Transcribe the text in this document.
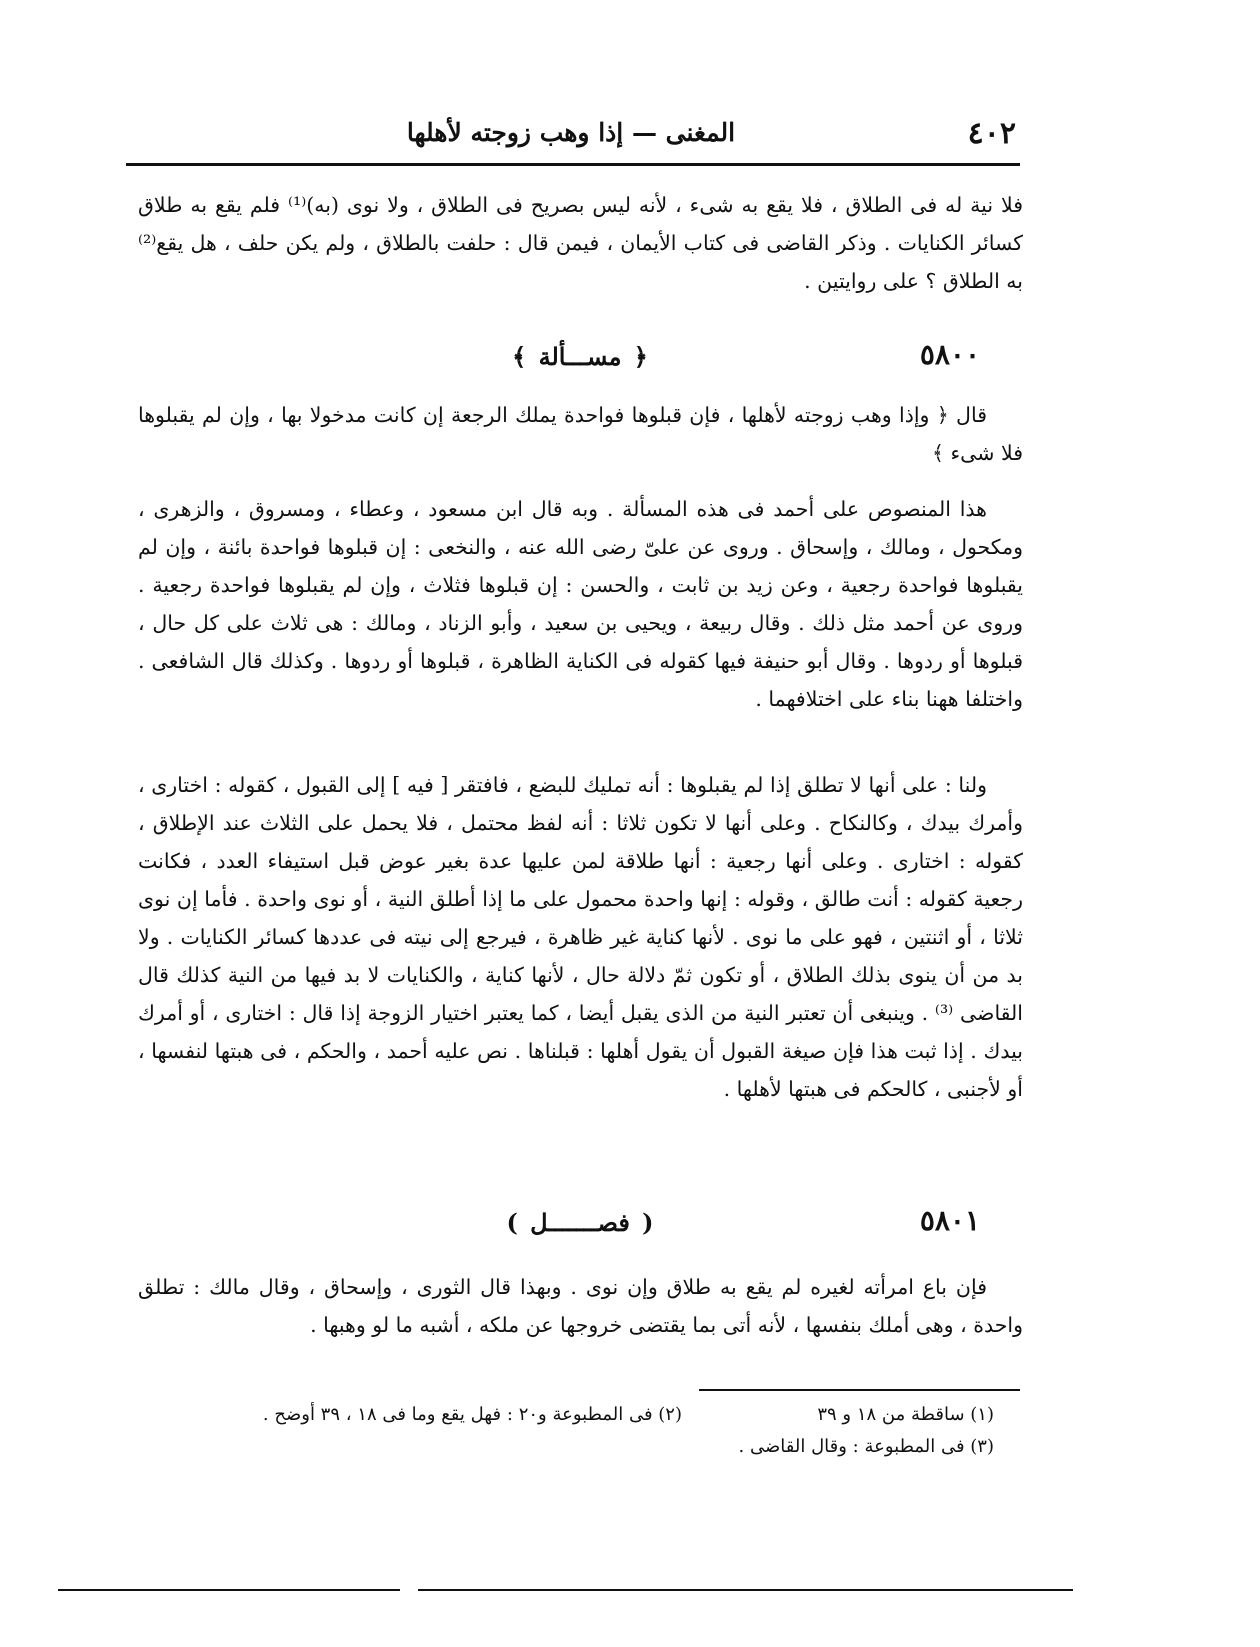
٤٠٢
المغنى — إذا وهب زوجته لأهلها

فلا نية له فى الطلاق ، فلا يقع به شىء ، لأنه ليس بصريح فى الطلاق ، ولا نوى (به)⁽¹⁾ فلم يقع به طلاق كسائر الكنايات . وذكر القاضى فى كتاب الأيمان ، فيمن قال : حلفت بالطلاق ، ولم يكن حلف ، هل يقع⁽²⁾ به الطلاق ؟ على روايتين .

٥٨٠٠
﴿ مســـألة ﴾

قال ﴿ وإذا وهب زوجته لأهلها ، فإن قبلوها فواحدة يملك الرجعة إن كانت مدخولا بها ، وإن لم يقبلوها فلا شىء ﴾

هذا المنصوص على أحمد فى هذه المسألة . وبه قال ابن مسعود ، وعطاء ، ومسروق ، والزهرى ، ومكحول ، ومالك ، وإسحاق . وروى عن علىّ رضى الله عنه ، والنخعى : إن قبلوها فواحدة بائنة ، وإن لم يقبلوها فواحدة رجعية ، وعن زيد بن ثابت ، والحسن : إن قبلوها فثلاث ، وإن لم يقبلوها فواحدة رجعية . وروى عن أحمد مثل ذلك . وقال ربيعة ، ويحيى بن سعيد ، وأبو الزناد ، ومالك : هى ثلاث على كل حال ، قبلوها أو ردوها . وقال أبو حنيفة فيها كقوله فى الكناية الظاهرة ، قبلوها أو ردوها . وكذلك قال الشافعى . واختلفا ههنا بناء على اختلافهما .

ولنا : على أنها لا تطلق إذا لم يقبلوها : أنه تمليك للبضع ، فافتقر [ فيه ] إلى القبول ، كقوله : اختارى ، وأمرك بيدك ، وكالنكاح . وعلى أنها لا تكون ثلاثا : أنه لفظ محتمل ، فلا يحمل على الثلاث عند الإطلاق ، كقوله : اختارى . وعلى أنها رجعية : أنها طلاقة لمن عليها عدة بغير عوض قبل استيفاء العدد ، فكانت رجعية كقوله : أنت طالق ، وقوله : إنها واحدة محمول على ما إذا أطلق النية ، أو نوى واحدة . فأما إن نوى ثلاثا ، أو اثنتين ، فهو على ما نوى . لأنها كناية غير ظاهرة ، فيرجع إلى نيته فى عددها كسائر الكنايات . ولا بد من أن ينوى بذلك الطلاق ، أو تكون ثمّ دلالة حال ، لأنها كناية ، والكنايات لا بد فيها من النية كذلك قال القاضى ⁽³⁾ . وينبغى أن تعتبر النية من الذى يقبل أيضا ، كما يعتبر اختيار الزوجة إذا قال : اختارى ، أو أمرك بيدك . إذا ثبت هذا فإن صيغة القبول أن يقول أهلها : قبلناها . نص عليه أحمد ، والحكم ، فى هبتها لنفسها ، أو لأجنبى ، كالحكم فى هبتها لأهلها .

٥٨٠١
( فصـــــــل )

فإن باع امرأته لغيره لم يقع به طلاق وإن نوى . وبهذا قال الثورى ، وإسحاق ، وقال مالك : تطلق واحدة ، وهى أملك بنفسها ، لأنه أتى بما يقتضى خروجها عن ملكه ، أشبه ما لو وهبها .

(١) ساقطة من ١٨ و ٣٩
(٢) فى المطبوعة و٢٠ : فهل يقع وما فى ١٨ ، ٣٩ أوضح .
(٣) فى المطبوعة : وقال القاضى .
